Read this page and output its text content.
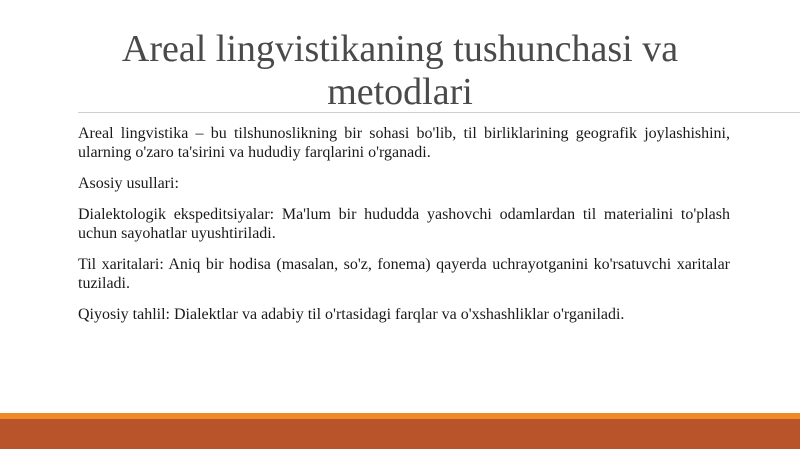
Areal lingvistikaning tushunchasi va metodlari

Areal lingvistika – bu tilshunoslikning bir sohasi bo'lib, til birliklarining geografik joylashishini, ularning o'zaro ta'sirini va hududiy farqlarini o'rganadi.

Asosiy usullari:

Dialektologik ekspeditsiyalar: Ma'lum bir hududda yashovchi odamlardan til materialini to'plash uchun sayohatlar uyushtiriladi.

Til xaritalari: Aniq bir hodisa (masalan, so'z, fonema) qayerda uchrayotganini ko'rsatuvchi xaritalar tuziladi.

Qiyosiy tahlil: Dialektlar va adabiy til o'rtasidagi farqlar va o'xshashliklar o'rganiladi.
